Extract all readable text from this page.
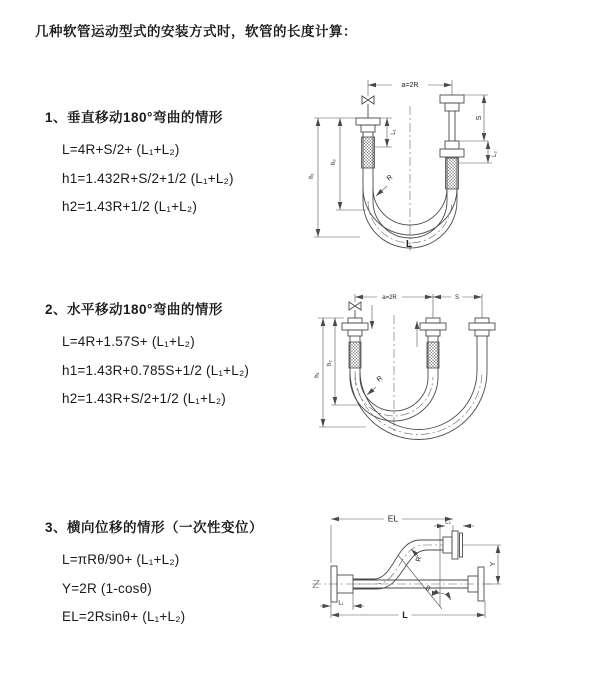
几种软管运动型式的安装方式时，软管的长度计算：
1、垂直移动180°弯曲的情形
L=4R+S/2+ (L₁+L₂)
h1=1.432R+S/2+1/2 (L₁+L₂)
h2=1.43R+1/2 (L₁+L₂)
2、水平移动180°弯曲的情形
L=4R+1.57S+ (L₁+L₂)
h1=1.43R+0.785S+1/2 (L₁+L₂)
h2=1.43R+S/2+1/2 (L₁+L₂)
3、横向位移的情形（一次性变位）
L=πRθ/90+ (L₁+L₂)
Y=2R (1-cosθ)
EL=2Rsinθ+ (L₁+L₂)
a=2R
S
L₂
L₁
h₁
h₂
R
L
a=2R	S
h₁
h₂
R
EL	L₂
θ
R
Y
L₁
L
